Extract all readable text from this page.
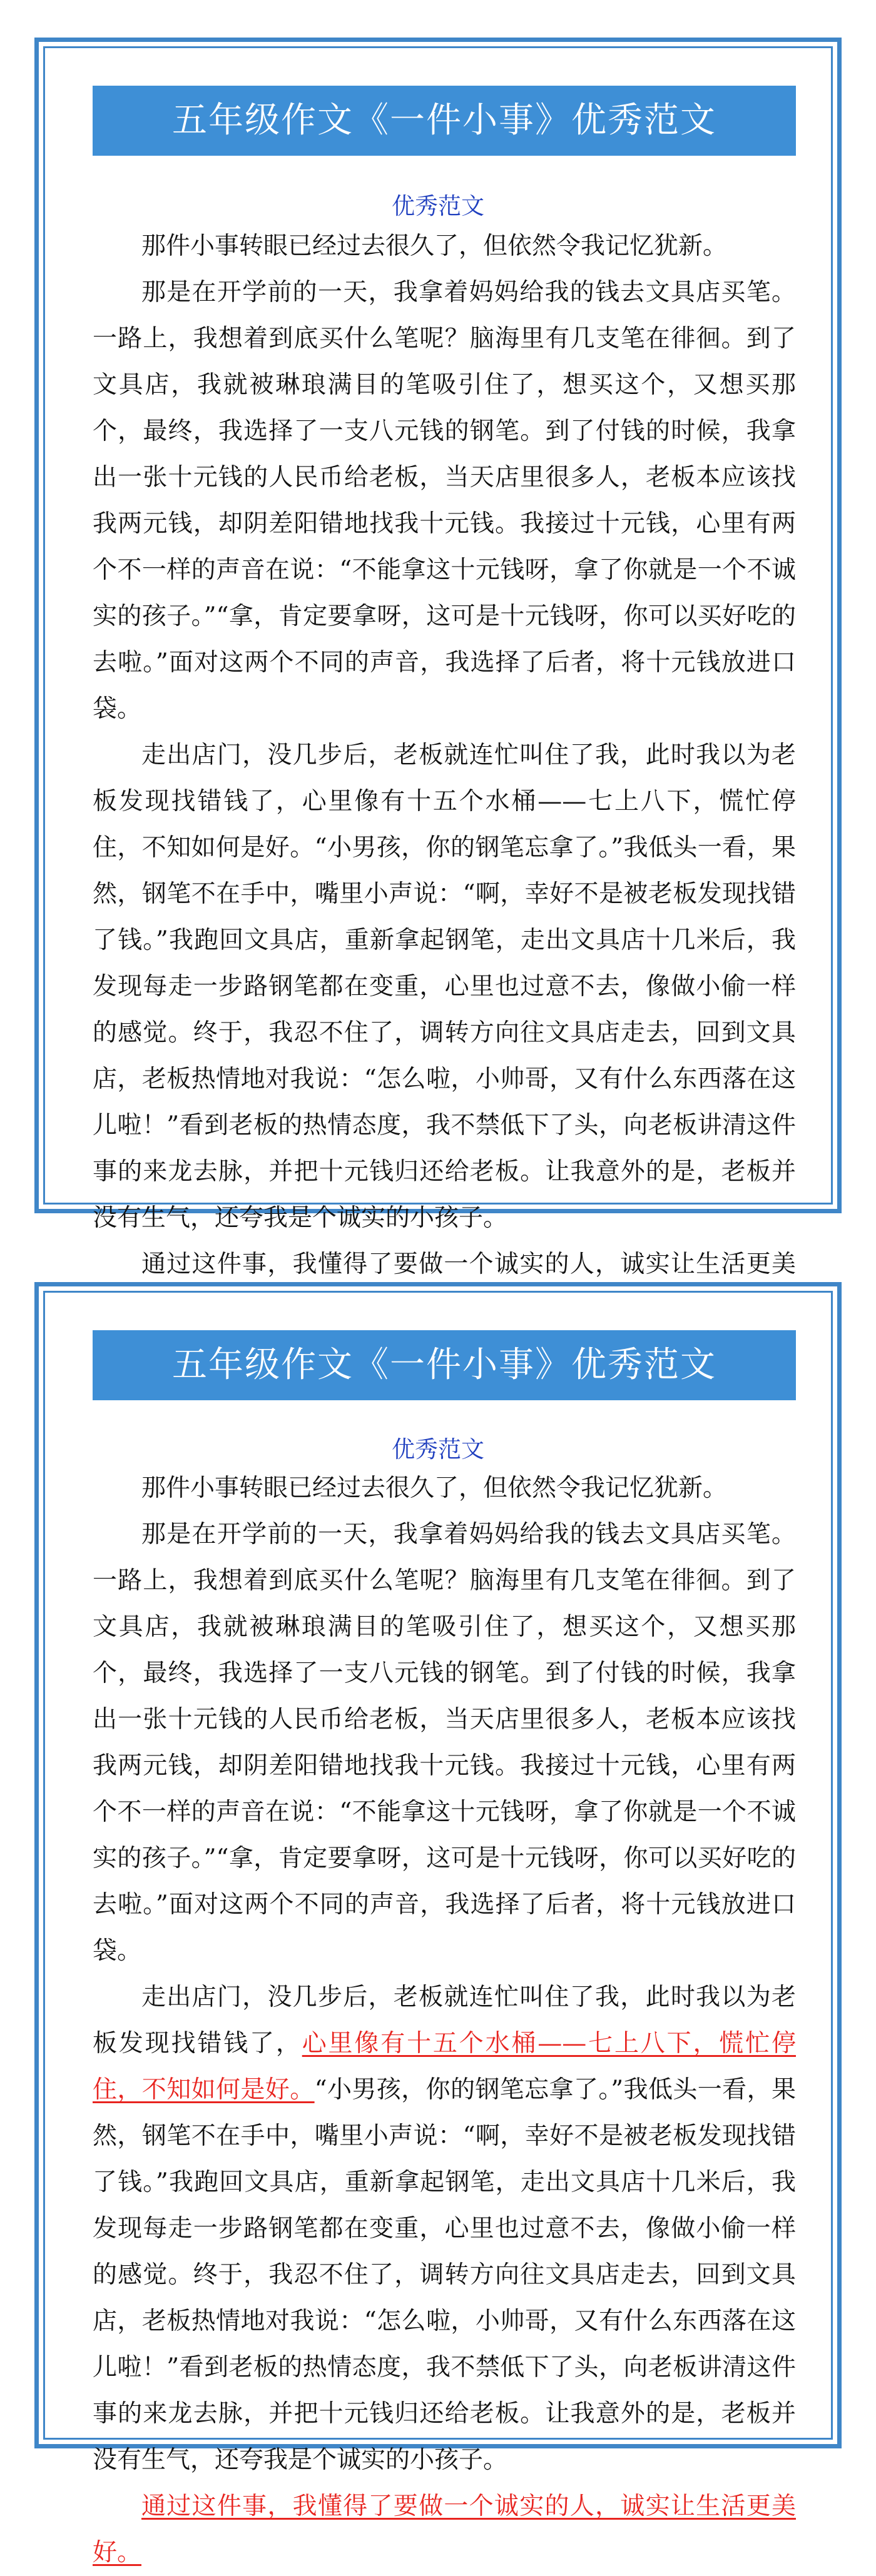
五年级作文《一件小事》优秀范文
优秀范文

那件小事转眼已经过去很久了，但依然令我记忆犹新。

那是在开学前的一天，我拿着妈妈给我的钱去文具店买笔。一路上，我想着到底买什么笔呢？脑海里有几支笔在徘徊。到了文具店，我就被琳琅满目的笔吸引住了，想买这个，又想买那个，最终，我选择了一支八元钱的钢笔。到了付钱的时候，我拿出一张十元钱的人民币给老板，当天店里很多人，老板本应该找我两元钱，却阴差阳错地找我十元钱。我接过十元钱，心里有两个不一样的声音在说：“不能拿这十元钱呀，拿了你就是一个不诚实的孩子。”“拿，肯定要拿呀，这可是十元钱呀，你可以买好吃的去啦。”面对这两个不同的声音，我选择了后者，将十元钱放进口袋。

走出店门，没几步后，老板就连忙叫住了我，此时我以为老板发现找错钱了，心里像有十五个水桶——七上八下，慌忙停住，不知如何是好。“小男孩，你的钢笔忘拿了。”我低头一看，果然，钢笔不在手中，嘴里小声说：“啊，幸好不是被老板发现找错了钱。”我跑回文具店，重新拿起钢笔，走出文具店十几米后，我发现每走一步路钢笔都在变重，心里也过意不去，像做小偷一样的感觉。终于，我忍不住了，调转方向往文具店走去，回到文具店，老板热情地对我说：“怎么啦，小帅哥，又有什么东西落在这儿啦！”看到老板的热情态度，我不禁低下了头，向老板讲清这件事的来龙去脉，并把十元钱归还给老板。让我意外的是，老板并没有生气，还夸我是个诚实的小孩子。

通过这件事，我懂得了要做一个诚实的人，诚实让生活更美

五年级作文《一件小事》优秀范文
优秀范文

那件小事转眼已经过去很久了，但依然令我记忆犹新。

那是在开学前的一天，我拿着妈妈给我的钱去文具店买笔。一路上，我想着到底买什么笔呢？脑海里有几支笔在徘徊。到了文具店，我就被琳琅满目的笔吸引住了，想买这个，又想买那个，最终，我选择了一支八元钱的钢笔。到了付钱的时候，我拿出一张十元钱的人民币给老板，当天店里很多人，老板本应该找我两元钱，却阴差阳错地找我十元钱。我接过十元钱，心里有两个不一样的声音在说：“不能拿这十元钱呀，拿了你就是一个不诚实的孩子。”“拿，肯定要拿呀，这可是十元钱呀，你可以买好吃的去啦。”面对这两个不同的声音，我选择了后者，将十元钱放进口袋。

走出店门，没几步后，老板就连忙叫住了我，此时我以为老板发现找错钱了，心里像有十五个水桶——七上八下，慌忙停住，不知如何是好。“小男孩，你的钢笔忘拿了。”我低头一看，果然，钢笔不在手中，嘴里小声说：“啊，幸好不是被老板发现找错了钱。”我跑回文具店，重新拿起钢笔，走出文具店十几米后，我发现每走一步路钢笔都在变重，心里也过意不去，像做小偷一样的感觉。终于，我忍不住了，调转方向往文具店走去，回到文具店，老板热情地对我说：“怎么啦，小帅哥，又有什么东西落在这儿啦！”看到老板的热情态度，我不禁低下了头，向老板讲清这件事的来龙去脉，并把十元钱归还给老板。让我意外的是，老板并没有生气，还夸我是个诚实的小孩子。

通过这件事，我懂得了要做一个诚实的人，诚实让生活更美好。
